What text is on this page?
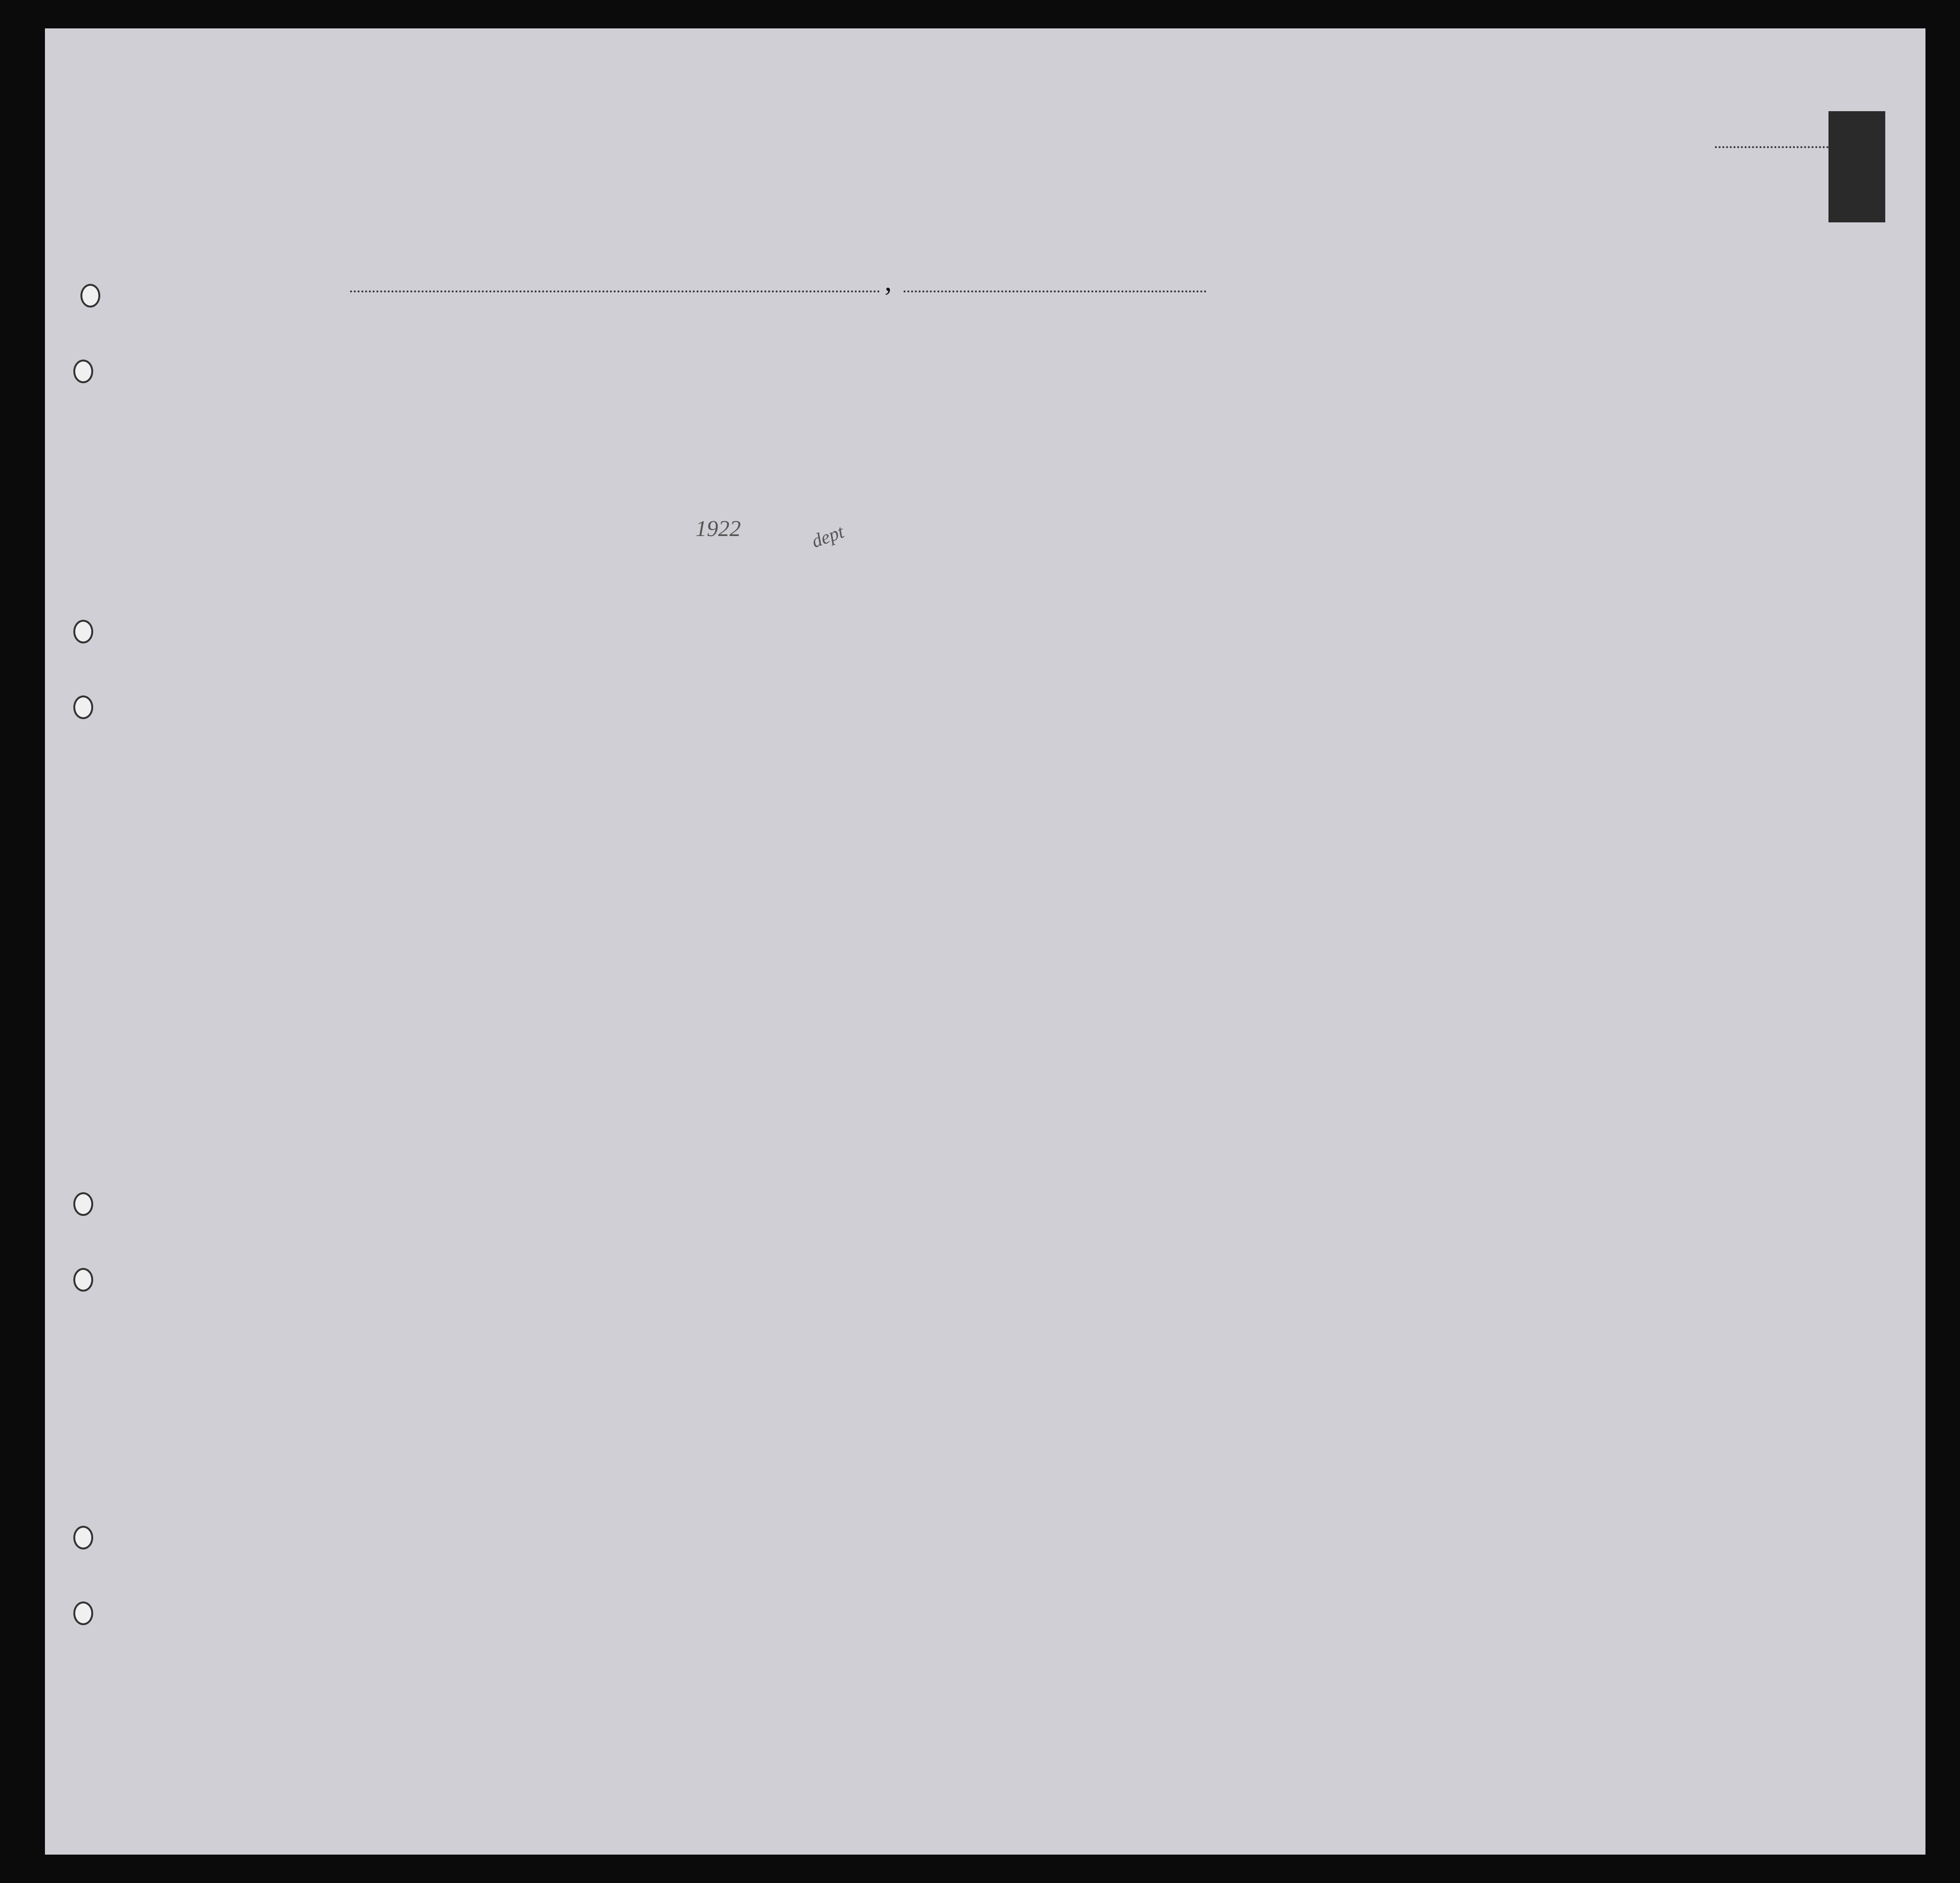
,
1922	dept
